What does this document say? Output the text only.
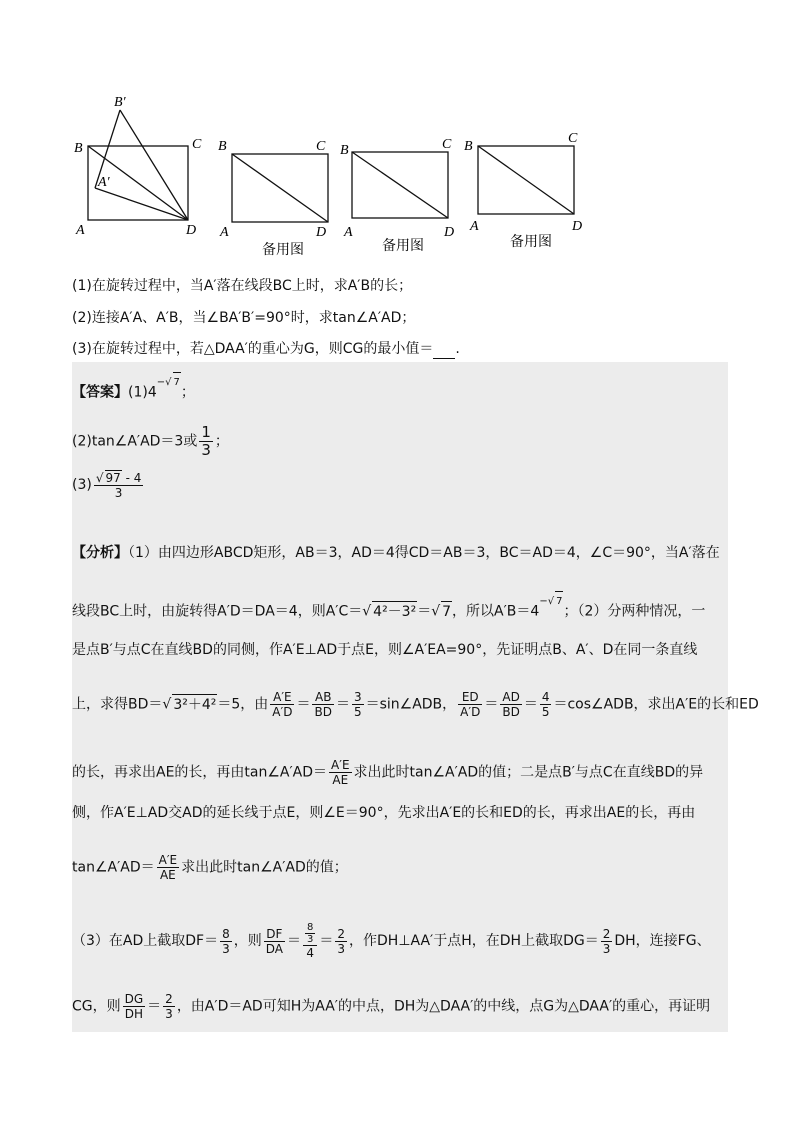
B′
C
B
A′
A	D
B	C
A	D
备用图
B	C
A	D
备用图
B
C
A	D
备用图
(1)在旋转过程中，当A′落在线段BC上时，求A′B的长；
(2)连接A′A、A′B，当∠BA′B′=90°时，求tan∠A′AD；
(3)在旋转过程中，若△DAA′的重心为G，则CG的最小值＝ .
【答案】$(1)4^{-√ 7}$；
(2)tan∠A′AD＝3或 $\frac{1}{3}$ ；
$(3) \frac{√ 97 - 4}{3}$
【分析】（1）由四边形ABCD矩形，AB＝3，AD＝4得CD＝AB＝3，BC＝AD＝4，∠C＝90°，当A′落在
线段BC上时，由旋转得A′D＝DA＝4，则A′C＝√ 4²－3²＝√ 7，所以$A'B=4^{-√ 7}$；（2）分两种情况，一
是点B′与点C在直线BD的同侧，作A′E⊥AD于点E，则∠A′EA=90°，先证明点B、A′、D在同一条直线
上，求得BD＝√ 3²＋4²＝5，由 $\frac{A'E}{A'D} = \frac{AB}{BD} = \frac{3}{5}$ ＝sin∠ADB， $\frac{ED}{A'D} = \frac{AD}{BD} = \frac{4}{5}$ ＝cos∠ADB，求出A′E的长和ED
的长，再求出AE的长，再由tan∠A′AD＝ $\frac{A'E}{AE}$ 求出此时tan∠A′AD的值；二是点B′与点C在直线BD的异
侧，作A′E⊥AD交AD的延长线于点E，则∠E＝90°，先求出A′E的长和ED的长，再求出AE的长，再由
tan∠A′AD＝ $\frac{A'E}{AE}$ 求出此时tan∠A′AD的值；
（3）在AD上截取$DF= \frac{8}{3}$ ，则 $\frac{DF}{DA} = \frac{\frac{8}{3}}{4} = \frac{2}{3}$ ，作DH⊥AA′于点H，在DH上截取$DG= \frac{2}{3}$ DH，连接FG、
CG，则 $\frac{DG}{DH} = \frac{2}{3}$ ，由A′D＝AD可知H为AA′的中点，DH为△DAA′的中线，点G为△DAA′的重心，再证明
